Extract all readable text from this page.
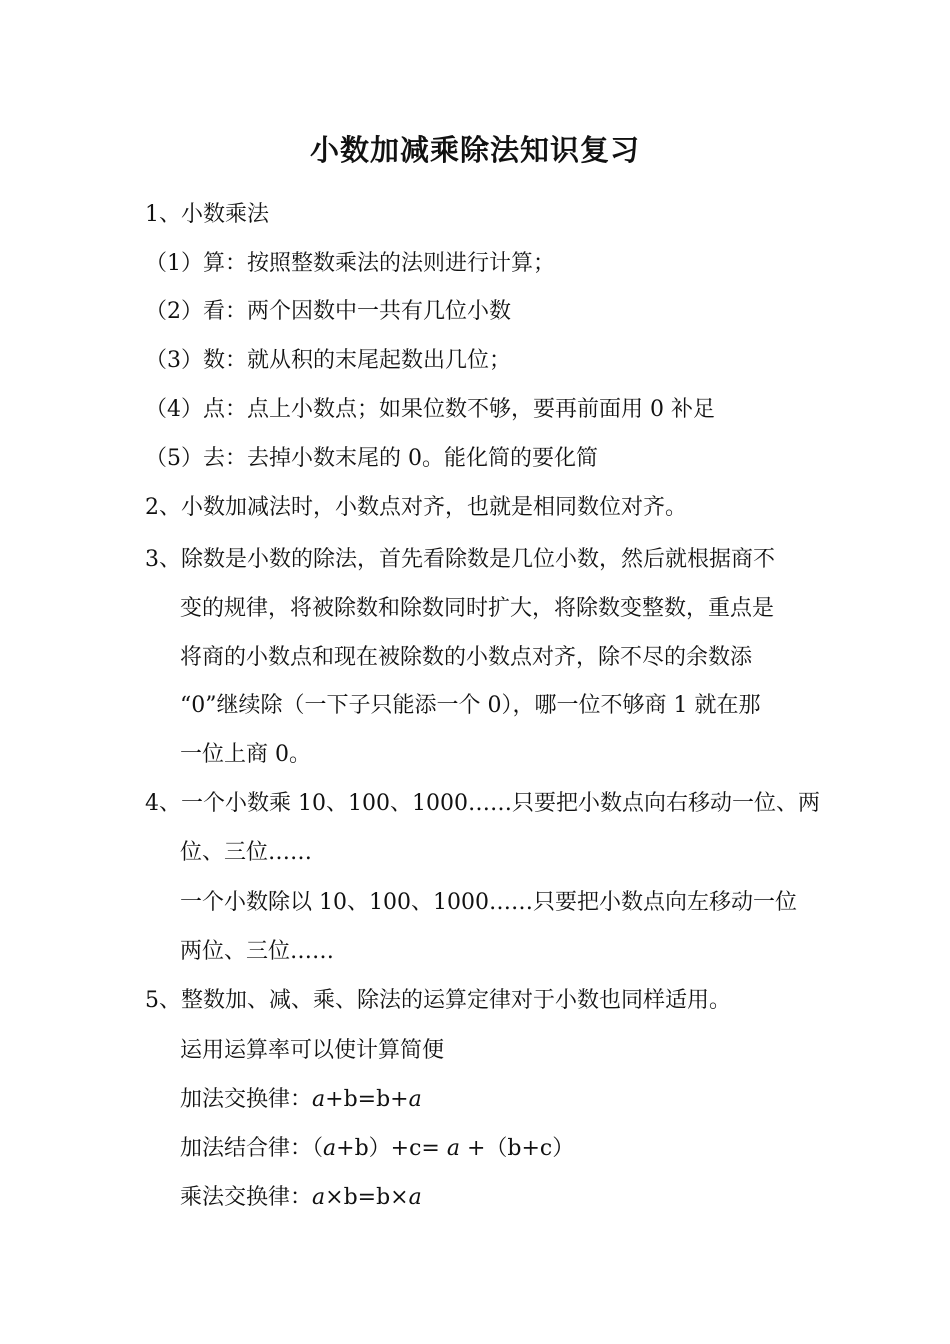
小数加减乘除法知识复习
1、小数乘法
（1）算：按照整数乘法的法则进行计算；
（2）看：两个因数中一共有几位小数
（3）数：就从积的末尾起数出几位；
（4）点：点上小数点；如果位数不够，要再前面用 0 补足
（5）去：去掉小数末尾的 0。能化简的要化简
2、小数加减法时，小数点对齐，也就是相同数位对齐。
3、除数是小数的除法，首先看除数是几位小数，然后就根据商不
变的规律，将被除数和除数同时扩大，将除数变整数，重点是
将商的小数点和现在被除数的小数点对齐，除不尽的余数添
“0”继续除（一下子只能添一个 0），哪一位不够商 1 就在那
一位上商 0。
4、一个小数乘 10、100、1000……只要把小数点向右移动一位、两
位、三位……
一个小数除以 10、100、1000……只要把小数点向左移动一位
两位、三位……
5、整数加、减、乘、除法的运算定律对于小数也同样适用。
运用运算率可以使计算简便
加法交换律：a+b=b+a
加法结合律：（a+b）+c= a +（b+c）
乘法交换律：a×b=b×a
